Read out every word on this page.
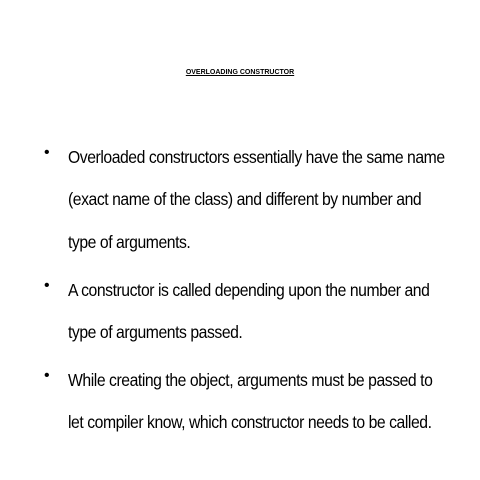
OVERLOADING CONSTRUCTOR
• Overloaded constructors essentially have the same name
(exact name of the class) and different by number and
type of arguments.
• A constructor is called depending upon the number and
type of arguments passed.
• While creating the object, arguments must be passed to
let compiler know, which constructor needs to be called.
